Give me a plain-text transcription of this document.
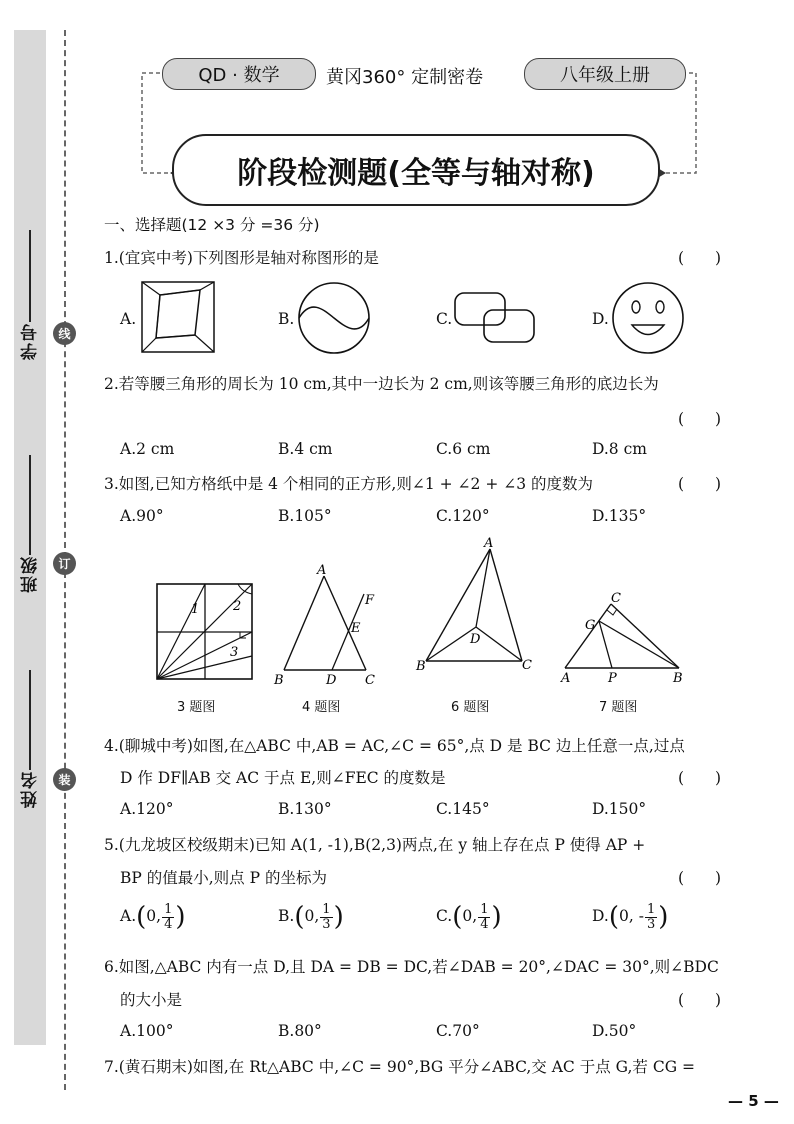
学号
班级
姓名
线
订
装
QD · 数学	黄冈360° 定制密卷	八年级上册
阶段检测题(全等与轴对称)
一、选择题(12 ×3 分 =36 分)
1.(宜宾中考)下列图形是轴对称图形的是	(　　)
A.	B.	C.	D.
2.若等腰三角形的周长为 10 cm,其中一边长为 2 cm,则该等腰三角形的底边长为
(　　)
A.2 cm	B.4 cm	C.6 cm	D.8 cm
3.如图,已知方格纸中是 4 个相同的正方形,则∠1 + ∠2 + ∠3 的度数为	(　　)
A.90°	B.105°	C.120°	D.135°
1	2
3
3 题图
A
B	C
D
E
F
4 题图
A
B	C
D
6 题图
C
G
A	P	B
7 题图
4.(聊城中考)如图,在△ABC 中,AB = AC,∠C = 65°,点 D 是 BC 边上任意一点,过点
D 作 DF∥AB 交 AC 于点 E,则∠FEC 的度数是	(　　)
A.120°	B.130°	C.145°	D.150°
5.(九龙坡区校级期末)已知 A(1, -1),B(2,3)两点,在 y 轴上存在点 P 使得 AP +
BP 的值最小,则点 P 的坐标为	(　　)
A.(0, $\frac{1}{4}$ )	B.(0, $\frac{1}{3}$ )	C.(0, $\frac{1}{4}$ )	D.(0, - $\frac{1}{3}$ )
6.如图,△ABC 内有一点 D,且 DA = DB = DC,若∠DAB = 20°,∠DAC = 30°,则∠BDC
的大小是	(　　)
A.100°	B.80°	C.70°	D.50°
7.(黄石期末)如图,在 Rt△ABC 中,∠C = 90°,BG 平分∠ABC,交 AC 于点 G,若 CG =
— 5 —
